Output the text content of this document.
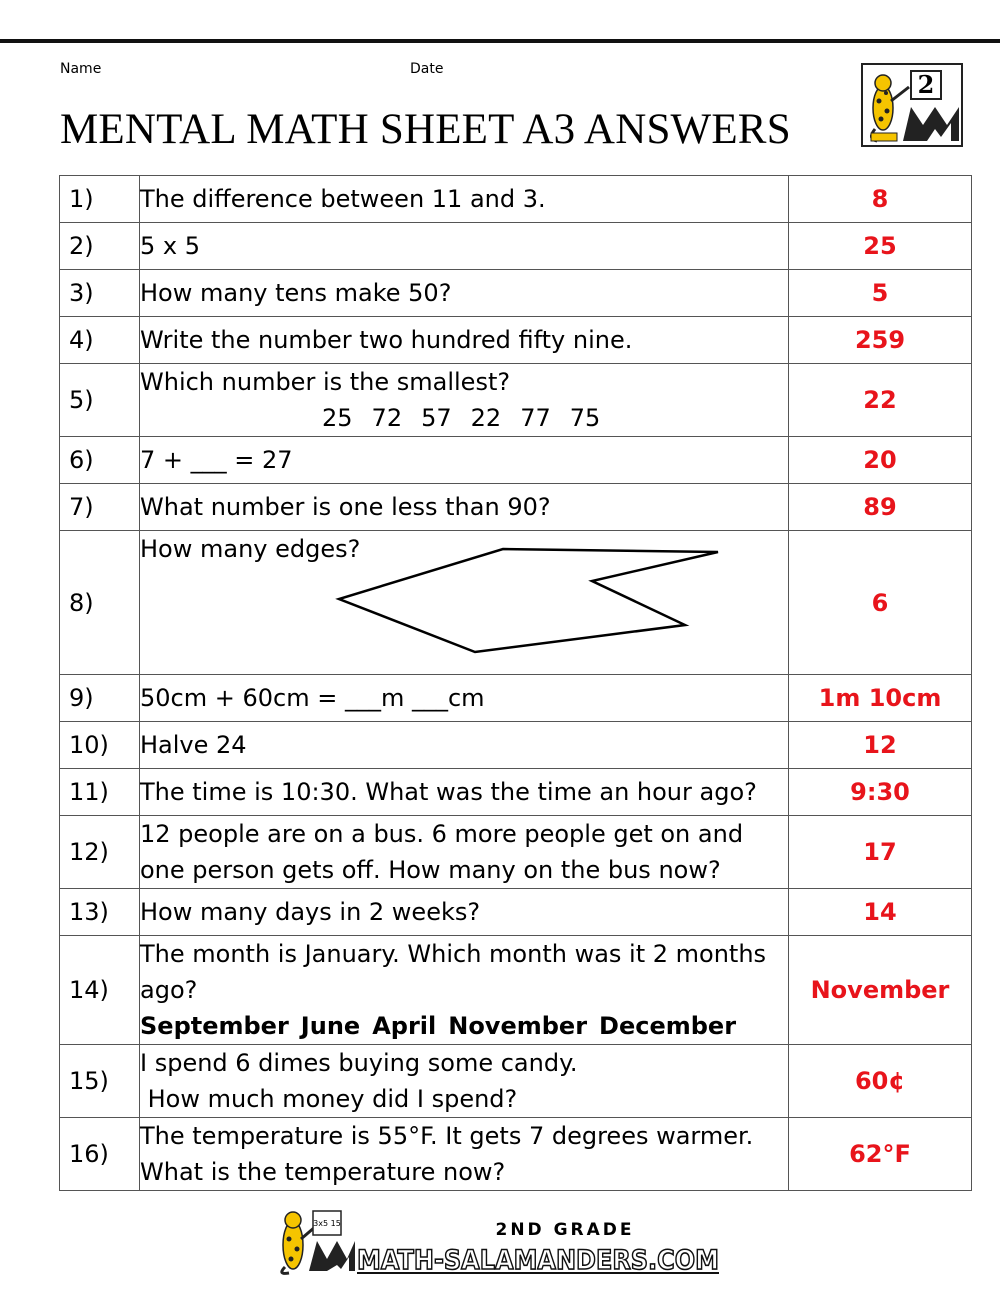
Name	Date
MENTAL MATH SHEET A3 ANSWERS
2
1)	The difference between 11 and 3.	8
2)	5 x 5	25
3)	How many tens make 50?	5
4)	Write the number two hundred fifty nine.	259
5)	Which number is the smallest?
25 72 57 22 77 75	22
6)	7 + ___ = 27	20
7)	What number is one less than 90?	89
8)	How many edges?	6
9)	50cm + 60cm = ___m ___cm	1m 10cm
10)	Halve 24	12
11)	The time is 10:30. What was the time an hour ago?	9:30
12)	12 people are on a bus. 6 more people get on and
one person gets off. How many on the bus now?	17
13)	How many days in 2 weeks?	14
14)	The month is January. Which month was it 2 months
ago? September June April November December	November
15)	I spend 6 dimes buying some candy.
How much money did I spend?	60¢
16)	The temperature is 55°F. It gets 7 degrees warmer.
What is the temperature now?	62°F
3x5 15	2ND GRADE
MATH-SALAMANDERS.COM
